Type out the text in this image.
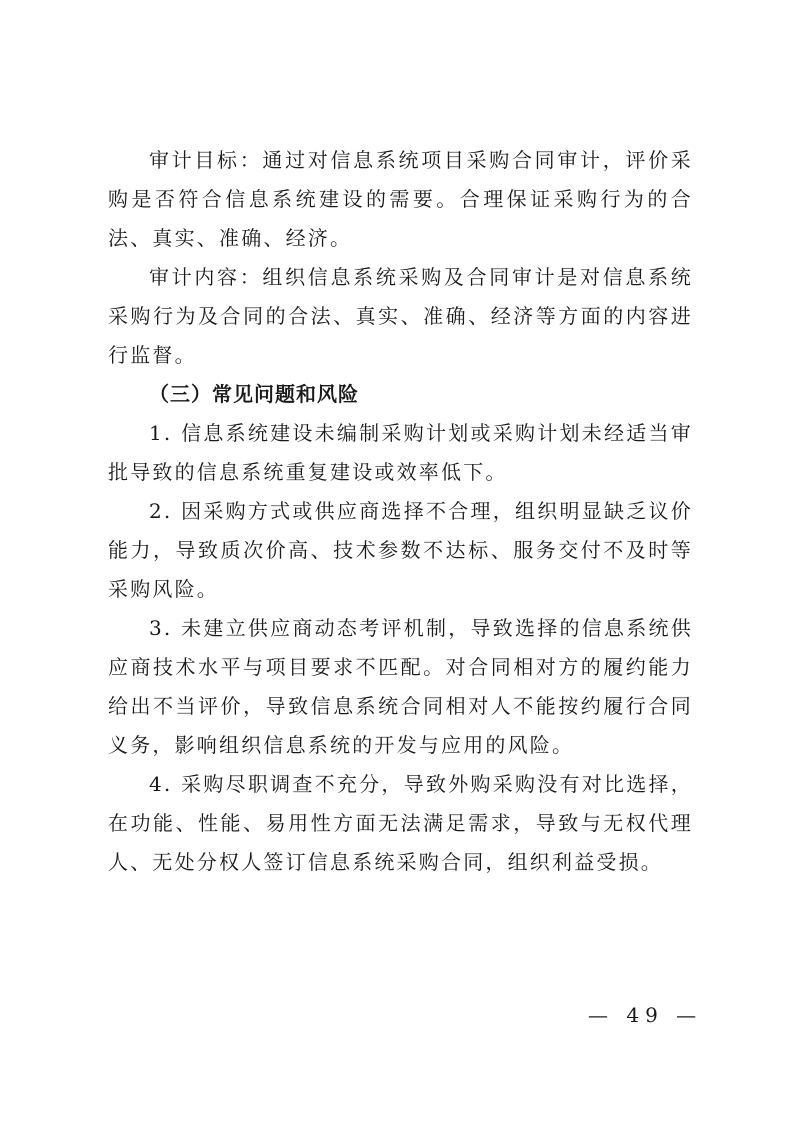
审计目标：通过对信息系统项目采购合同审计，评价采购是否符合信息系统建设的需要。合理保证采购行为的合法、真实、准确、经济。

审计内容：组织信息系统采购及合同审计是对信息系统采购行为及合同的合法、真实、准确、经济等方面的内容进行监督。

（三）常见问题和风险

1. 信息系统建设未编制采购计划或采购计划未经适当审批导致的信息系统重复建设或效率低下。

2. 因采购方式或供应商选择不合理，组织明显缺乏议价能力，导致质次价高、技术参数不达标、服务交付不及时等采购风险。

3. 未建立供应商动态考评机制，导致选择的信息系统供应商技术水平与项目要求不匹配。对合同相对方的履约能力给出不当评价，导致信息系统合同相对人不能按约履行合同义务，影响组织信息系统的开发与应用的风险。

4. 采购尽职调查不充分，导致外购采购没有对比选择，在功能、性能、易用性方面无法满足需求，导致与无权代理人、无处分权人签订信息系统采购合同，组织利益受损。

— 49 —
